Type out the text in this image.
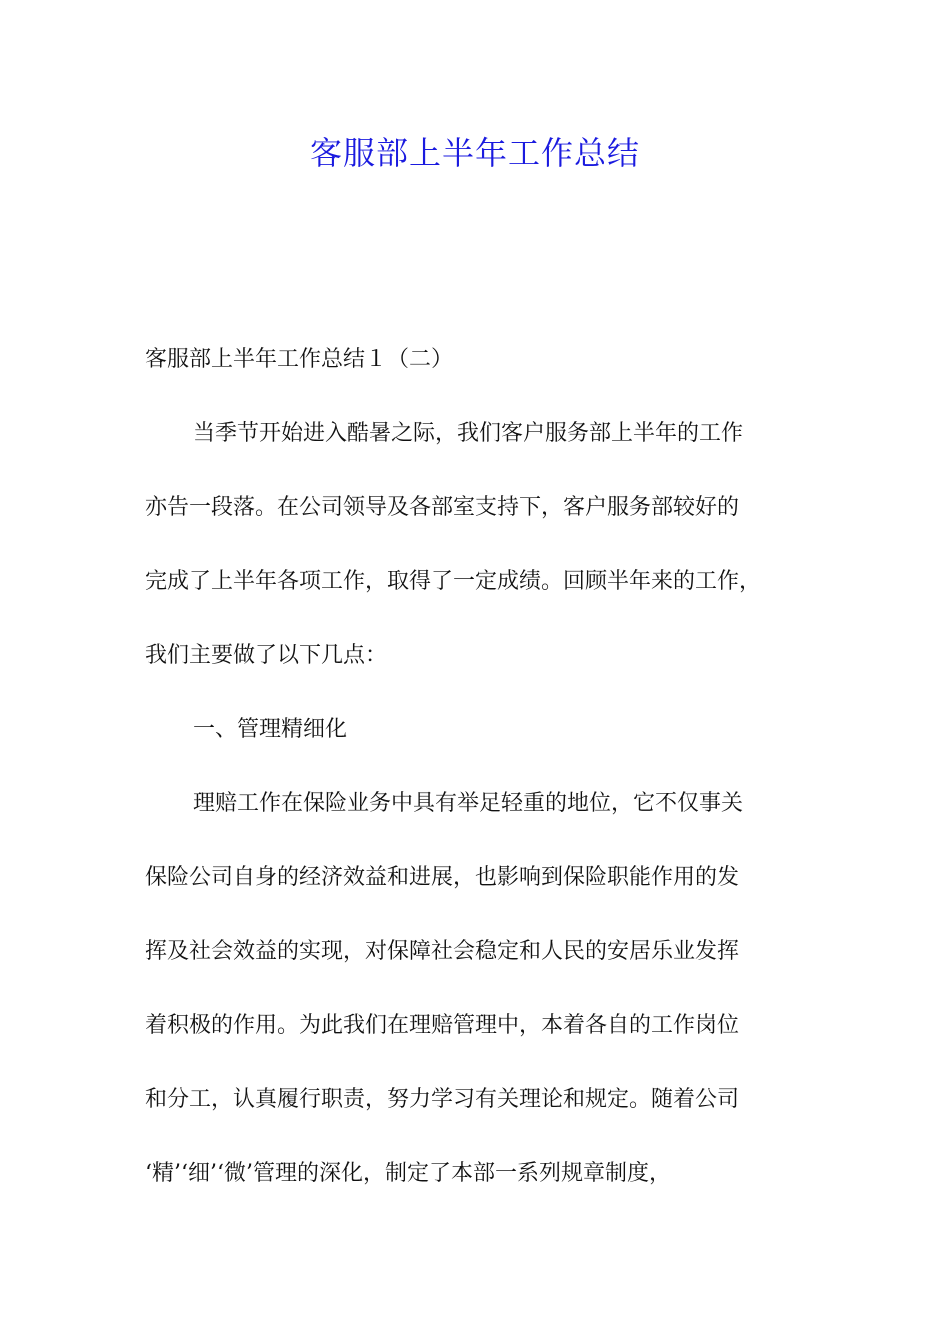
客服部上半年工作总结

客服部上半年工作总结１（二）

当季节开始进入酷暑之际，我们客户服务部上半年的工作

亦告一段落。在公司领导及各部室支持下，客户服务部较好的

完成了上半年各项工作，取得了一定成绩。回顾半年来的工作，

我们主要做了以下几点：

一、管理精细化

理赔工作在保险业务中具有举足轻重的地位，它不仅事关

保险公司自身的经济效益和进展，也影响到保险职能作用的发

挥及社会效益的实现，对保障社会稳定和人民的安居乐业发挥

着积极的作用。为此我们在理赔管理中，本着各自的工作岗位

和分工，认真履行职责，努力学习有关理论和规定。随着公司

‘精’‘细’‘微’管理的深化，制定了本部一系列规章制度，
